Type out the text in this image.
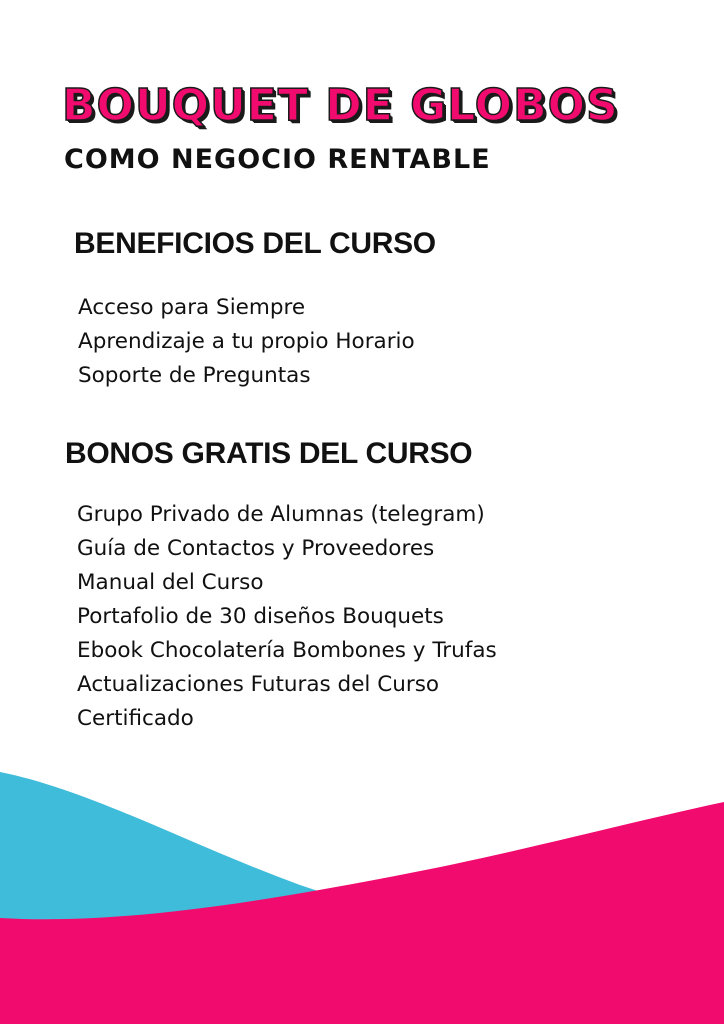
BOUQUET DE GLOBOS
COMO NEGOCIO RENTABLE
BENEFICIOS DEL CURSO
Acceso para Siempre
Aprendizaje a tu propio Horario
Soporte de Preguntas
BONOS GRATIS DEL CURSO
Grupo Privado de Alumnas (telegram)
Guía de Contactos y Proveedores
Manual del Curso
Portafolio de 30 diseños Bouquets
Ebook Chocolatería Bombones y Trufas
Actualizaciones Futuras del Curso
Certificado
